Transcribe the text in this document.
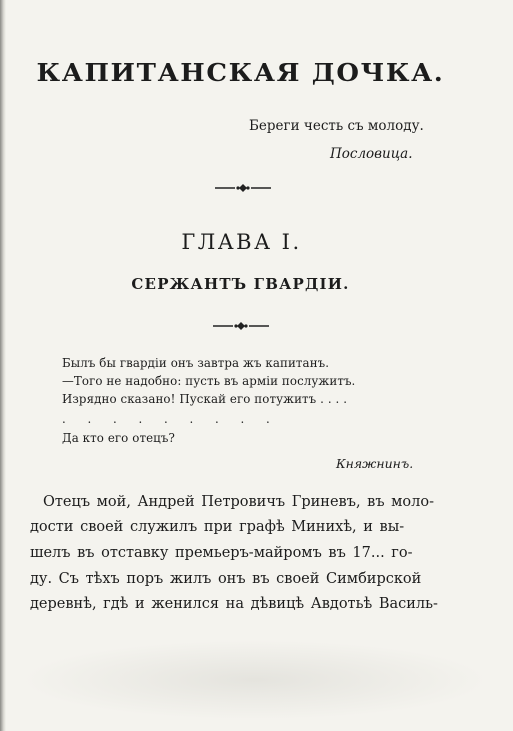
КАПИТАНСКАЯ ДОЧКА.
Береги честь съ молоду.
Пословица.
ГЛАВА I.
СЕРЖАНТЪ ГВАРДІИ.
Былъ бы гвардіи онъ завтра жъ капитанъ.
—Того не надобно: пусть въ арміи послужитъ.
Изрядно сказано! Пускай его потужитъ . . . .
. . . . . . . . .
Да кто его отецъ?
Княжнинъ.
Отецъ мой, Андрей Петровичъ Гриневъ, въ моло-
дости своей служилъ при графѣ Минихѣ, и вы-
шелъ въ отставку премьеръ-майромъ въ 17... го-
ду. Съ тѣхъ поръ жилъ онъ въ своей Симбирской
деревнѣ, гдѣ и женился на дѣвицѣ Авдотьѣ Василь-
